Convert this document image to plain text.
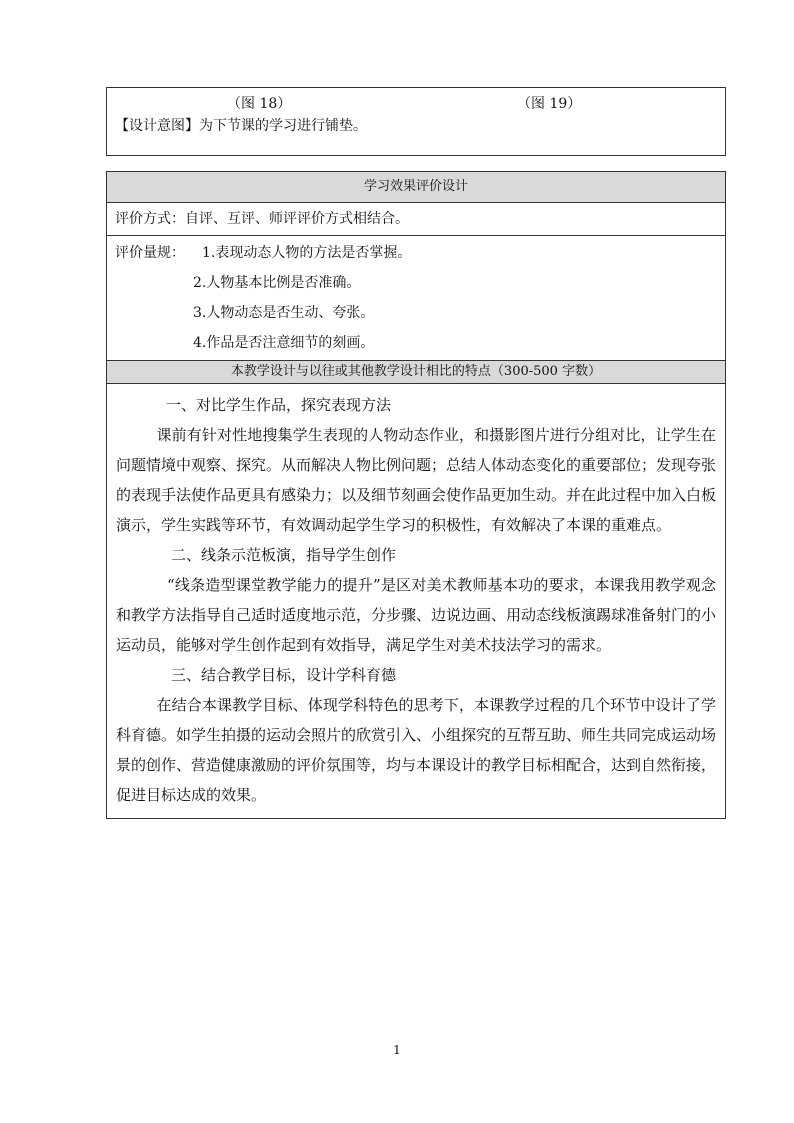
（图 18）	（图 19）
【设计意图】为下节课的学习进行铺垫。
学习效果评价设计
评价方式：自评、互评、师评评价方式相结合。

评价量规： 1.表现动态人物的方法是否掌握。
2.人物基本比例是否准确。
3.人物动态是否生动、夸张。
4.作品是否注意细节的刻画。

本教学设计与以往或其他教学设计相比的特点（300-500 字数）

一、对比学生作品，探究表现方法

课前有针对性地搜集学生表现的人物动态作业，和摄影图片进行分组对比，让学生在问题情境中观察、探究。从而解决人物比例问题；总结人体动态变化的重要部位；发现夸张的表现手法使作品更具有感染力；以及细节刻画会使作品更加生动。并在此过程中加入白板演示，学生实践等环节，有效调动起学生学习的积极性，有效解决了本课的重难点。

二、线条示范板演，指导学生创作

“线条造型课堂教学能力的提升”是区对美术教师基本功的要求，本课我用教学观念和教学方法指导自己适时适度地示范，分步骤、边说边画、用动态线板演踢球准备射门的小运动员，能够对学生创作起到有效指导，满足学生对美术技法学习的需求。

三、结合教学目标，设计学科育德

在结合本课教学目标、体现学科特色的思考下，本课教学过程的几个环节中设计了学科育德。如学生拍摄的运动会照片的欣赏引入、小组探究的互帮互助、师生共同完成运动场景的创作、营造健康激励的评价氛围等，均与本课设计的教学目标相配合，达到自然衔接，促进目标达成的效果。

1
